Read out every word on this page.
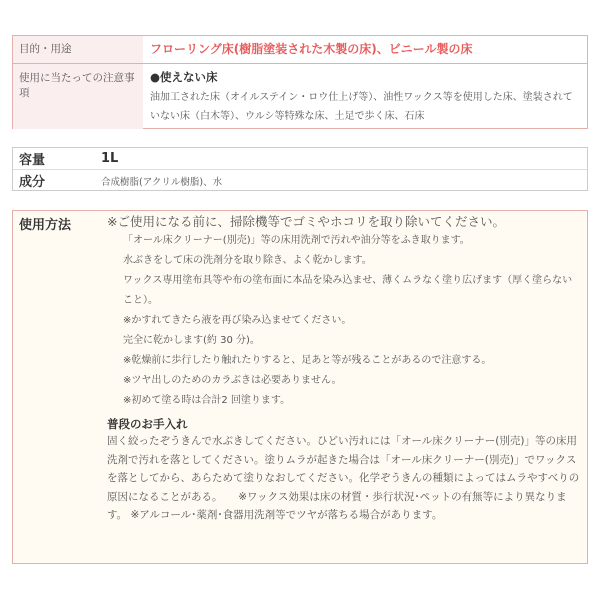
目的・用途	フローリング床(樹脂塗装された木製の床)、ビニール製の床
使用に当たっての注意事項
●使えない床
油加工された床（オイルステイン・ロウ仕上げ等）、油性ワックス等を使用した床、塗装されていない床（白木等）、ウルシ等特殊な床、土足で歩く床、石床
容量	1L
成分	合成樹脂(アクリル樹脂)、水
使用方法	※ご使用になる前に、掃除機等でゴミやホコリを取り除いてください。
「オール床クリーナー(別売)」等の床用洗剤で汚れや油分等をふき取ります。
水ぶきをして床の洗剤分を取り除き、よく乾かします。
ワックス専用塗布具等や布の塗布面に本品を染み込ませ、薄くムラなく塗り広げます（厚く塗らないこと）。
※かすれてきたら液を再び染み込ませてください。
完全に乾かします(約 30 分)。
※乾燥前に歩行したり触れたりすると、足あと等が残ることがあるので注意する。
※ツヤ出しのためのカラぶきは必要ありません。
※初めて塗る時は合計2 回塗ります。
普段のお手入れ
固く絞ったぞうきんで水ぶきしてください。ひどい汚れには「オール床クリーナー(別売)」等の床用洗剤で汚れを落としてください。塗りムラが起きた場合は「オール床クリーナー(別売)」でワックスを落としてから、あらためて塗りなおしてください。化学ぞうきんの種類によってはムラやすべりの原因になることがある。　　※ワックス効果は床の材質・歩行状況･ペットの有無等により異なります。 ※アルコール･薬剤･食器用洗剤等でツヤが落ちる場合があります。
